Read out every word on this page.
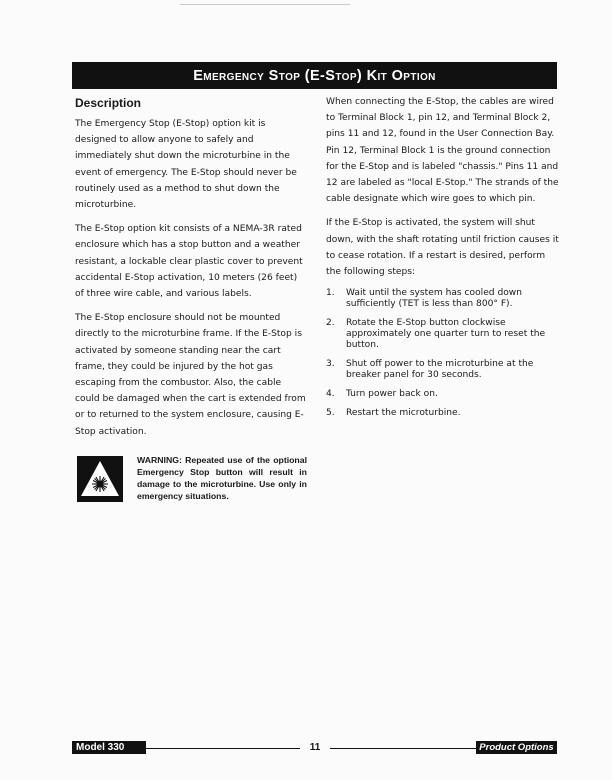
Emergency Stop (E-Stop) Kit Option
Description

The Emergency Stop (E-Stop) option kit is designed to allow anyone to safely and immediately shut down the microturbine in the event of emergency. The E-Stop should never be routinely used as a method to shut down the microturbine.

The E-Stop option kit consists of a NEMA-3R rated enclosure which has a stop button and a weather resistant, a lockable clear plastic cover to prevent accidental E-Stop activation, 10 meters (26 feet) of three wire cable, and various labels.

The E-Stop enclosure should not be mounted directly to the microturbine frame. If the E-Stop is activated by someone standing near the cart frame, they could be injured by the hot gas escaping from the combustor. Also, the cable could be damaged when the cart is extended from or to returned to the system enclosure, causing E-Stop activation.

WARNING: Repeated use of the optional Emergency Stop button will result in damage to the microturbine. Use only in emergency situations.

When connecting the E-Stop, the cables are wired to Terminal Block 1, pin 12, and Terminal Block 2, pins 11 and 12, found in the User Connection Bay. Pin 12, Terminal Block 1 is the ground connection for the E-Stop and is labeled "chassis." Pins 11 and 12 are labeled as "local E-Stop." The strands of the cable designate which wire goes to which pin.

If the E-Stop is activated, the system will shut down, with the shaft rotating until friction causes it to cease rotation. If a restart is desired, perform the following steps:

1.	Wait until the system has cooled down sufficiently (TET is less than 800° F).
2.	Rotate the E-Stop button clockwise approximately one quarter turn to reset the button.
3.	Shut off power to the microturbine at the breaker panel for 30 seconds.
4.	Turn power back on.
5.	Restart the microturbine.
Model 330	11	Product Options
